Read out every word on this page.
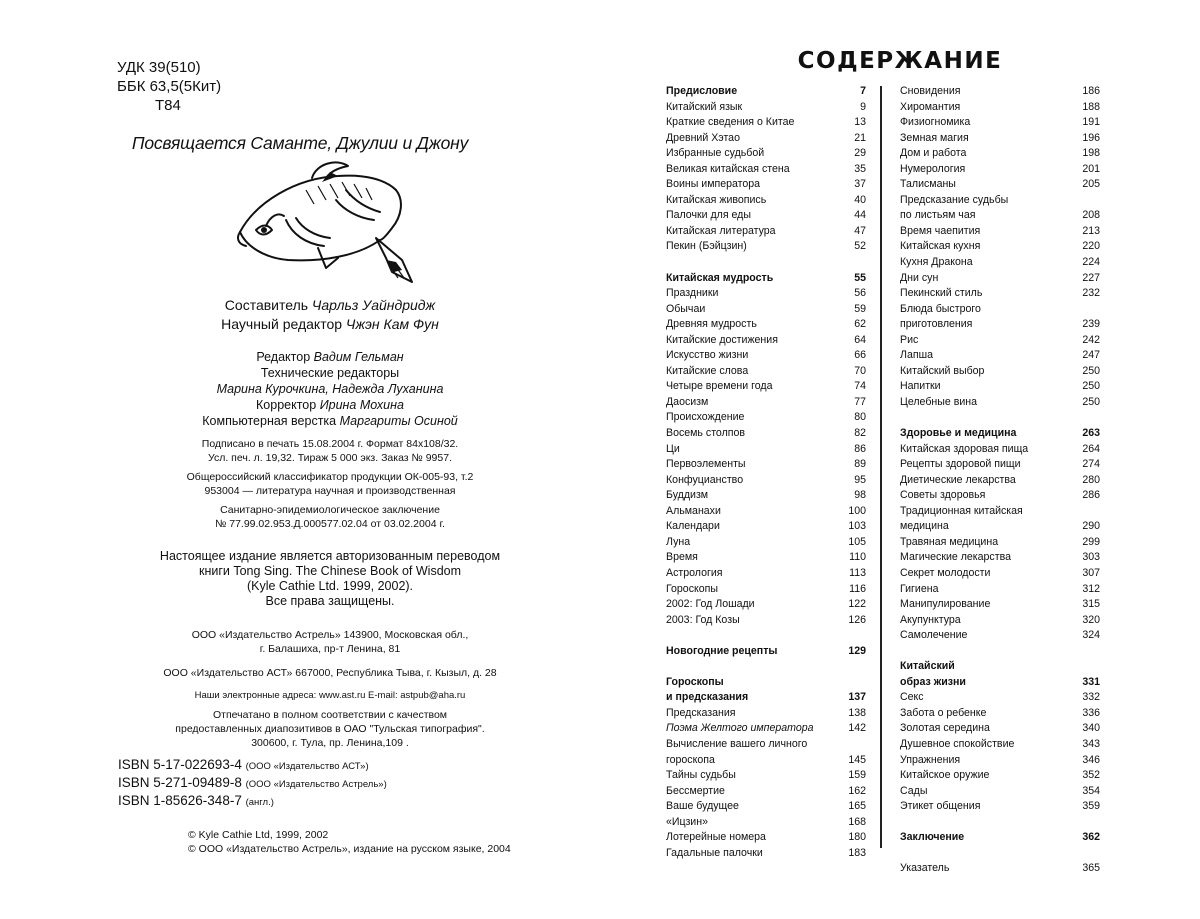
УДК 39(510)
ББК 63,5(5Кит)
Т84
Посвящается Саманте, Джулии и Джону
Составитель Чарльз Уайндридж
Научный редактор Чжэн Кам Фун
Редактор Вадим Гельман
Технические редакторы
Марина Курочкина, Надежда Луханина
Корректор Ирина Мохина
Компьютерная верстка Маргариты Осиной
Подписано в печать 15.08.2004 г. Формат 84х108/32.
Усл. печ. л. 19,32. Тираж 5 000 экз. Заказ № 9957.
Общероссийский классификатор продукции ОК-005-93, т.2
953004 — литература научная и производственная
Санитарно-эпидемиологическое заключение
№ 77.99.02.953.Д.000577.02.04 от 03.02.2004 г.
Настоящее издание является авторизованным переводом
книги Tong Sing. The Chinese Book of Wisdom
(Kyle Cathie Ltd. 1999, 2002).
Все права защищены.
ООО «Издательство Астрель» 143900, Московская обл.,
г. Балашиха, пр-т Ленина, 81
ООО «Издательство АСТ» 667000, Республика Тыва, г. Кызыл, д. 28
Наши электронные адреса: www.ast.ru E-mail: astpub@aha.ru
Отпечатано в полном соответствии с качеством
предоставленных диапозитивов в ОАО "Тульская типография".
300600, г. Тула, пр. Ленина,109 .
ISBN 5-17-022693-4 (ООО «Издательство АСТ»)
ISBN 5-271-09489-8 (ООО «Издательство Астрель»)
ISBN 1-85626-348-7 (англ.)
© Kyle Cathie Ltd, 1999, 2002
© ООО «Издательство Астрель», издание на русском языке, 2004
СОДЕРЖАНИЕ
Предисловие	7
Китайский язык	9
Краткие сведения о Китае	13
Древний Хэтао	21
Избранные судьбой	29
Великая китайская стена	35
Воины императора	37
Китайская живопись	40
Палочки для еды	44
Китайская литература	47
Пекин (Бэйцзин)	52
Китайская мудрость	55
Праздники	56
Обычаи	59
Древняя мудрость	62
Китайские достижения	64
Искусство жизни	66
Китайские слова	70
Четыре времени года	74
Даосизм	77
Происхождение	80
Восемь столпов	82
Ци	86
Первоэлементы	89
Конфуцианство	95
Буддизм	98
Альманахи	100
Календари	103
Луна	105
Время	110
Астрология	113
Гороскопы	116
2002: Год Лошади	122
2003: Год Козы	126
Новогодние рецепты	129
Гороскопы
и предсказания	137
Предсказания	138
Поэма Желтого императора	142
Вычисление вашего личного
гороскопа	145
Тайны судьбы	159
Бессмертие	162
Ваше будущее	165
«Ицзин»	168
Лотерейные номера	180
Гадальные палочки	183
Сновидения	186
Хиромантия	188
Физиогномика	191
Земная магия	196
Дом и работа	198
Нумерология	201
Талисманы	205
Предсказание судьбы
по листьям чая	208
Время чаепития	213
Китайская кухня	220
Кухня Дракона	224
Дни сун	227
Пекинский стиль	232
Блюда быстрого
приготовления	239
Рис	242
Лапша	247
Китайский выбор	250
Напитки	250
Целебные вина	250
Здоровье и медицина	263
Китайская здоровая пища	264
Рецепты здоровой пищи	274
Диетические лекарства	280
Советы здоровья	286
Традиционная китайская
медицина	290
Травяная медицина	299
Магические лекарства	303
Секрет молодости	307
Гигиена	312
Манипулирование	315
Акупунктура	320
Самолечение	324
Китайский
образ жизни	331
Секс	332
Забота о ребенке	336
Золотая середина	340
Душевное спокойствие	343
Упражнения	346
Китайское оружие	352
Сады	354
Этикет общения	359
Заключение	362
Указатель	365
